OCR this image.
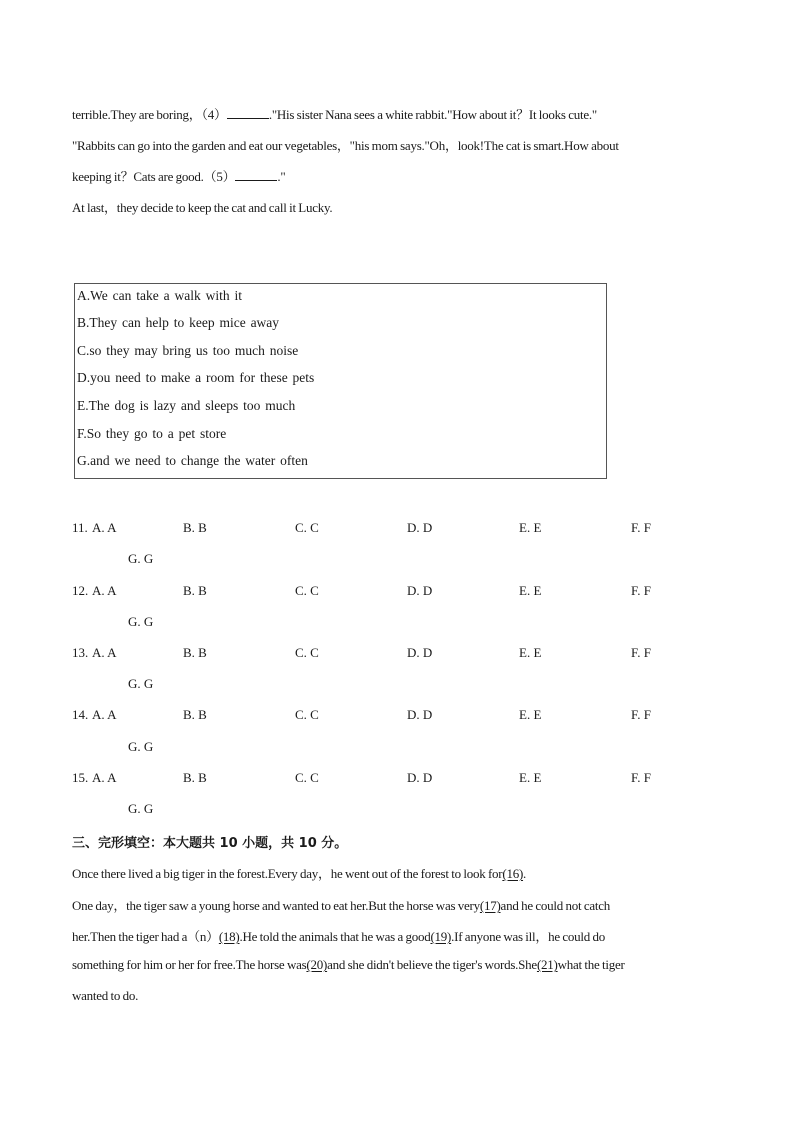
terrible.They are boring，（4）	."His sister Nana sees a white rabbit."How about it？It looks cute."
"Rabbits can go into the garden and eat our vegetables，"his mom says."Oh，look!The cat is smart.How about
keeping it？Cats are good.（5）	."
At last，they decide to keep the cat and call it Lucky.
A.We can take a walk with it
B.They can help to keep mice away
C.so they may bring us too much noise
D.you need to make a room for these pets
E.The dog is lazy and sleeps too much
F.So they go to a pet store
G.and we need to change the water often
11. A. A	B. B	C. C	D. D	E. E	F. F
G. G
12. A. A	B. B	C. C	D. D	E. E	F. F
G. G
13. A. A	B. B	C. C	D. D	E. E	F. F
G. G
14. A. A	B. B	C. C	D. D	E. E	F. F
G. G
15. A. A	B. B	C. C	D. D	E. E	F. F
G. G
三、完形填空：本大题共 10 小题，共 10 分。
Once there lived a big tiger in the forest.Every day，he went out of the forest to look for(16).
One day，the tiger saw a young horse and wanted to eat her.But the horse was very(17)and he could not catch
her.Then the tiger had a（n）(18).He told the animals that he was a good(19).If anyone was ill，he could do
something for him or her for free.The horse was(20)and she didn't believe the tiger's words.She(21)what the tiger
wanted to do.
